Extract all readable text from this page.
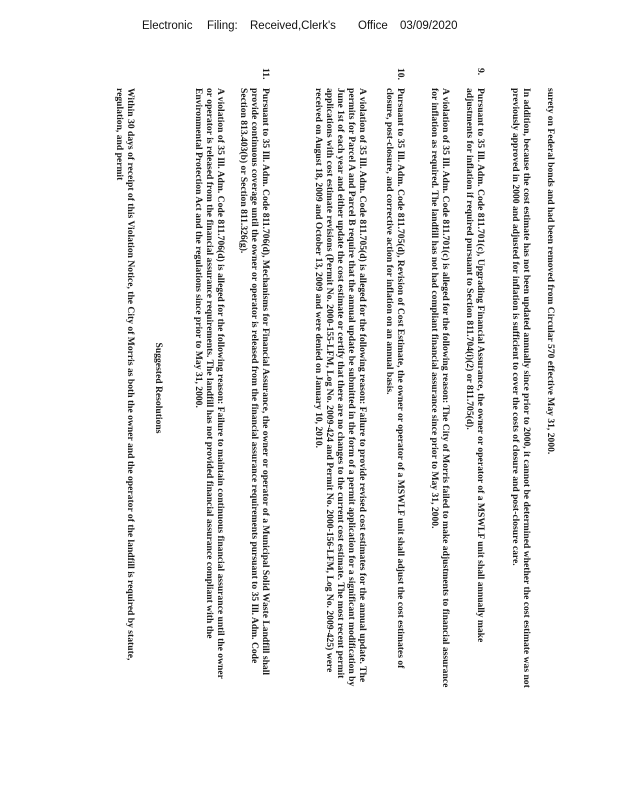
Electronic Filing: Received,Clerk's Office 03/09/2020

surety on Federal bonds and had been removed from Circular 570 effective May 31, 2000.

In addition, because the cost estimate has not been updated annually since prior to 2000, it cannot be determined whether the cost estimate was not previously approved in 2000 and adjusted for inflation is sufficient to cover the costs of closure and post-closure care.

9.

Pursuant to 35 Ill. Adm. Code 811.701(c), Upgrading Financial Assurance, the owner or operator of a MSWLF unit shall annually make adjustments for inflation if required pursuant to Section 811.704(i)(2) or 811.705(d).

A violation of 35 Ill. Adm. Code 811.701(c) is alleged for the following reason: The City of Morris failed to make adjustments to financial assurance for inflation as required. The landfill has not had compliant financial assurance since prior to May 31, 2000.

10.

Pursuant to 35 Ill. Adm. Code 811.705(d), Revision of Cost Estimate, the owner or operator of a MSWLF unit shall adjust the cost estimates of closure, post-closure, and corrective action for inflation on an annual basis.

A violation of 35 Ill. Adm. Code 811.705(d) is alleged for the following reason: Failure to provide revised cost estimates for the annual update. The permits for Parcel A and Parcel B require that the annual update be submitted in the form of a permit application for a significant modification by June 1st of each year and either update the cost estimate or certify that there are no changes to the current cost estimate. The most recent permit applications with cost estimate revisions (Permit No. 2000-155-LFM, Log No. 2009-424 and Permit No. 2000-156-LFM, Log No. 2009-425) were received on August 18, 2009 and October 13, 2009 and were denied on January 10, 2010.

11.

Pursuant to 35 Ill. Adm. Code 811.706(d), Mechanisms for Financial Assurance, the owner or operator of a Municipal Solid Waste Landfill shall provide continuous coverage until the owner or operator is released from the financial assurance requirements pursuant to 35 Ill. Adm. Code Section 813.403(b) or Section 811.326(g).

A violation of 35 Ill. Adm. Code 811.706(d) is alleged for the following reason: Failure to maintain continuous financial assurance until the owner or operator is released from the financial assurance requirements. The landfill has not provided financial assurance compliant with the Environmental Protection Act and the regulations since prior to May 31, 2000.

Suggested Resolutions

Within 30 days of receipt of this Violation Notice, the City of Morris as both the owner and the operator of the landfill is required by statute, regulation, and permit
